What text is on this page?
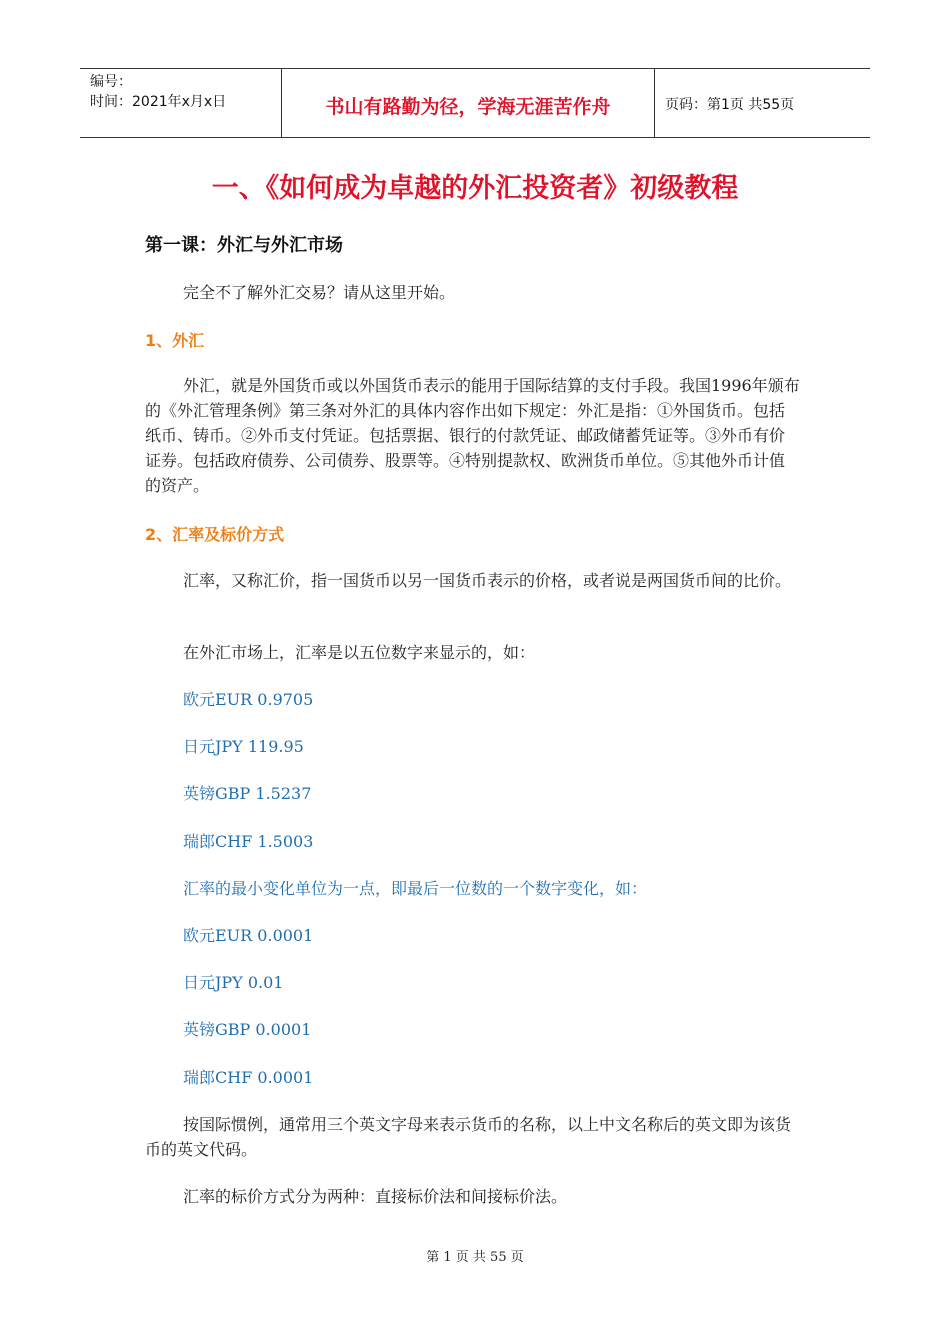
编号：
时间：2021年x月x日	书山有路勤为径，学海无涯苦作舟	页码：第1页 共55页
一、《如何成为卓越的外汇投资者》初级教程
第一课：外汇与外汇市场

完全不了解外汇交易？请从这里开始。

1、外汇

外汇，就是外国货币或以外国货币表示的能用于国际结算的支付手段。我国1996年颁布的《外汇管理条例》第三条对外汇的具体内容作出如下规定：外汇是指：①外国货币。包括纸币、铸币。②外币支付凭证。包括票据、银行的付款凭证、邮政储蓄凭证等。③外币有价证券。包括政府债券、公司债券、股票等。④特别提款权、欧洲货币单位。⑤其他外币计值的资产。

2、汇率及标价方式

汇率，又称汇价，指一国货币以另一国货币表示的价格，或者说是两国货币间的比价。

在外汇市场上，汇率是以五位数字来显示的，如：

欧元EUR 0.9705
日元JPY 119.95
英镑GBP 1.5237
瑞郎CHF 1.5003
汇率的最小变化单位为一点，即最后一位数的一个数字变化，如：
欧元EUR 0.0001
日元JPY 0.01
英镑GBP 0.0001
瑞郎CHF 0.0001

按国际惯例，通常用三个英文字母来表示货币的名称，以上中文名称后的英文即为该货币的英文代码。

汇率的标价方式分为两种：直接标价法和间接标价法。

第 1 页 共 55 页
